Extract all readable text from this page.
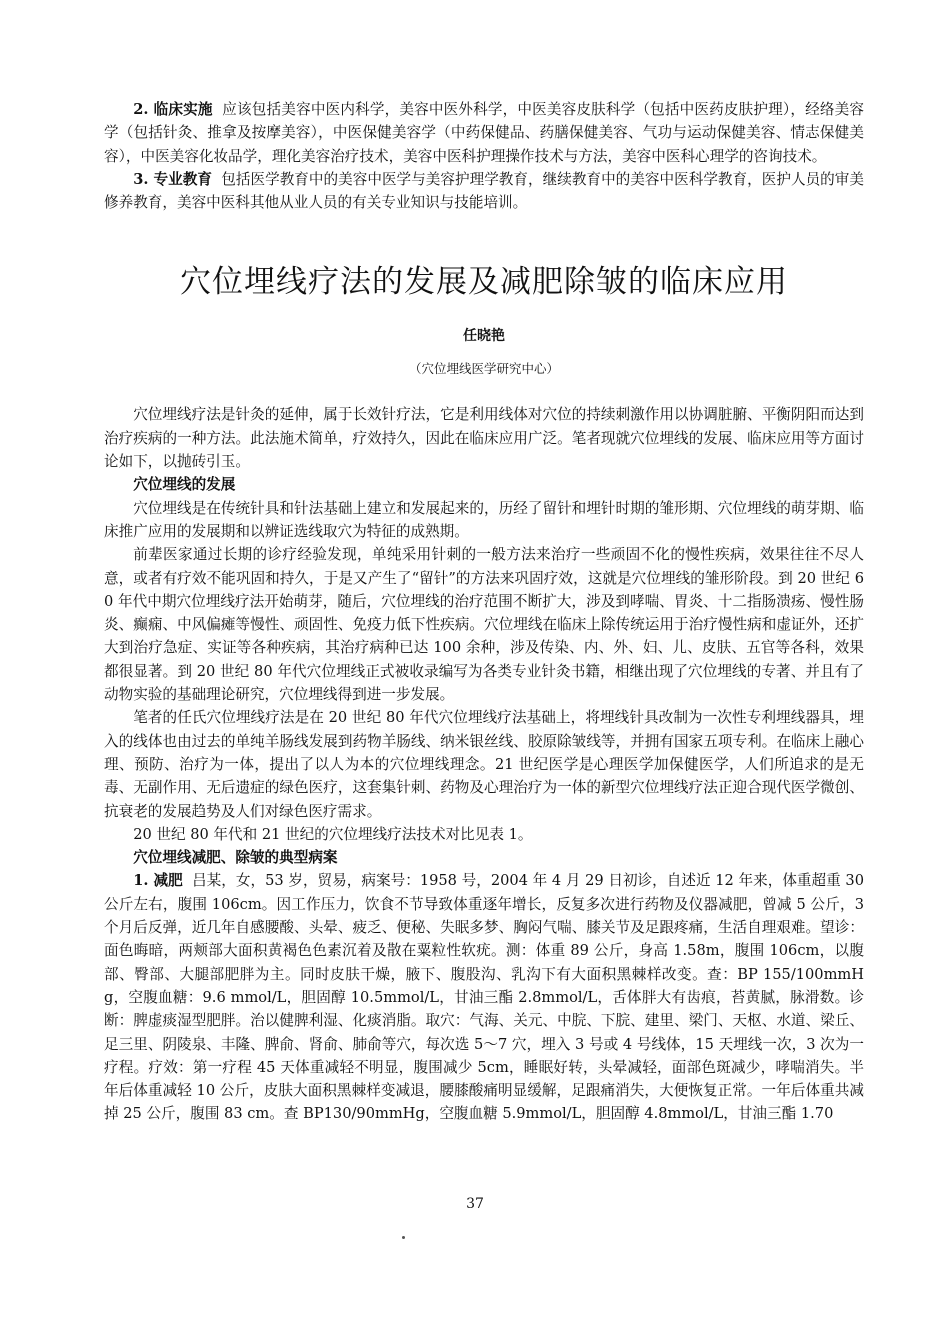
2. 临床实施 应该包括美容中医内科学，美容中医外科学，中医美容皮肤科学（包括中医药皮肤护理），经络美容学（包括针灸、推拿及按摩美容），中医保健美容学（中药保健品、药膳保健美容、气功与运动保健美容、情志保健美容），中医美容化妆品学，理化美容治疗技术，美容中医科护理操作技术与方法，美容中医科心理学的咨询技术。

3. 专业教育 包括医学教育中的美容中医学与美容护理学教育，继续教育中的美容中医科学教育，医护人员的审美修养教育，美容中医科其他从业人员的有关专业知识与技能培训。

穴位埋线疗法的发展及减肥除皱的临床应用
任晓艳
（穴位埋线医学研究中心）

穴位埋线疗法是针灸的延伸，属于长效针疗法，它是利用线体对穴位的持续刺激作用以协调脏腑、平衡阴阳而达到治疗疾病的一种方法。此法施术简单，疗效持久，因此在临床应用广泛。笔者现就穴位埋线的发展、临床应用等方面讨论如下，以抛砖引玉。

穴位埋线的发展

穴位埋线是在传统针具和针法基础上建立和发展起来的，历经了留针和埋针时期的雏形期、穴位埋线的萌芽期、临床推广应用的发展期和以辨证选线取穴为特征的成熟期。

前辈医家通过长期的诊疗经验发现，单纯采用针刺的一般方法来治疗一些顽固不化的慢性疾病，效果往往不尽人意，或者有疗效不能巩固和持久，于是又产生了“留针”的方法来巩固疗效，这就是穴位埋线的雏形阶段。到 20 世纪 60 年代中期穴位埋线疗法开始萌芽，随后，穴位埋线的治疗范围不断扩大，涉及到哮喘、胃炎、十二指肠溃疡、慢性肠炎、癫痫、中风偏瘫等慢性、顽固性、免疫力低下性疾病。穴位埋线在临床上除传统运用于治疗慢性病和虚证外，还扩大到治疗急症、实证等各种疾病，其治疗病种已达 100 余种，涉及传染、内、外、妇、儿、皮肤、五官等各科，效果都很显著。到 20 世纪 80 年代穴位埋线正式被收录编写为各类专业针灸书籍，相继出现了穴位埋线的专著、并且有了动物实验的基础理论研究，穴位埋线得到进一步发展。

笔者的任氏穴位埋线疗法是在 20 世纪 80 年代穴位埋线疗法基础上，将埋线针具改制为一次性专利埋线器具，埋入的线体也由过去的单纯羊肠线发展到药物羊肠线、纳米银丝线、胶原除皱线等，并拥有国家五项专利。在临床上融心理、预防、治疗为一体，提出了以人为本的穴位埋线理念。21 世纪医学是心理医学加保健医学，人们所追求的是无毒、无副作用、无后遗症的绿色医疗，这套集针刺、药物及心理治疗为一体的新型穴位埋线疗法正迎合现代医学微创、抗衰老的发展趋势及人们对绿色医疗需求。

20 世纪 80 年代和 21 世纪的穴位埋线疗法技术对比见表 1。

穴位埋线减肥、除皱的典型病案

1. 减肥 吕某，女，53 岁，贸易，病案号：1958 号，2004 年 4 月 29 日初诊，自述近 12 年来，体重超重 30 公斤左右，腹围 106cm。因工作压力，饮食不节导致体重逐年增长，反复多次进行药物及仪器减肥，曾减 5 公斤，3 个月后反弹，近几年自感腰酸、头晕、疲乏、便秘、失眠多梦、胸闷气喘、膝关节及足跟疼痛，生活自理艰难。望诊：面色晦暗，两颊部大面积黄褐色色素沉着及散在粟粒性软疣。测：体重 89 公斤，身高 1.58m，腹围 106cm，以腹部、臀部、大腿部肥胖为主。同时皮肤干燥，腋下、腹股沟、乳沟下有大面积黑棘样改变。查：BP 155/100mmHg，空腹血糖：9.6 mmol/L，胆固醇 10.5mmol/L，甘油三酯 2.8mmol/L，舌体胖大有齿痕，苔黄腻，脉滑数。诊断：脾虚痰湿型肥胖。治以健脾利湿、化痰消脂。取穴：气海、关元、中脘、下脘、建里、梁门、天枢、水道、梁丘、足三里、阴陵泉、丰隆、脾俞、肾俞、肺俞等穴，每次选 5～7 穴，埋入 3 号或 4 号线体，15 天埋线一次，3 次为一疗程。疗效：第一疗程 45 天体重减轻不明显，腹围减少 5cm，睡眠好转，头晕减轻，面部色斑减少，哮喘消失。半年后体重减轻 10 公斤，皮肤大面积黑棘样变减退，腰膝酸痛明显缓解，足跟痛消失，大便恢复正常。一年后体重共减掉 25 公斤，腹围 83 cm。查 BP130/90mmHg，空腹血糖 5.9mmol/L，胆固醇 4.8mmol/L，甘油三酯 1.70

37
